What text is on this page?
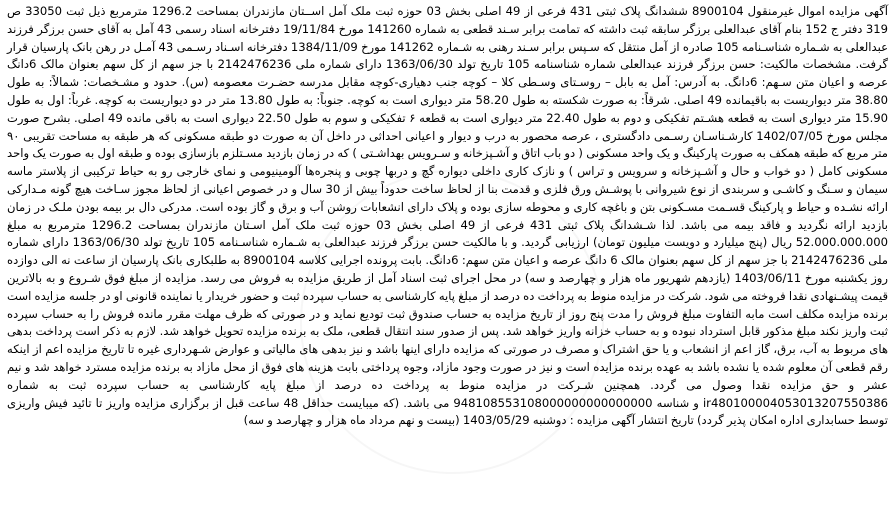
آگهی مزایده اموال غیرمنقول 8900104 ششدانگ پلاک ثبتی 431 فرعی از 49 اصلی بخش 03 حوزه ثبت ملک آمل اســتان مازندران بمساحت 1296.2 مترمربع ذیل ثبت 33050 ص 319 دفتر ج 152 بنام آقای عبدالعلی برزگر سابقه ثبت داشته که تمامت برابر سـند قطعی به شماره 141260 مورخ 19/11/84 دفترخانه اسناد رسمی 43 آمل به آقای حسن برزگر فرزند عبدالعلی به شـماره شناسـنامه 105 صادره از آمل منتقل که سـپس برابر سـند رهنی به شـماره 141262 مورخ 1384/11/09 دفترخانه اسـناد رسـمی 43 آمـل در رهن بانک پارسیان قرار گرفت. مشخصات مالکیت: حسن برزگر فرزند عبدالعلی شماره شناسنامه 105 تاریخ تولد 1363/06/30 دارای شماره ملی 2142476236 با جز سهم از کل سهم بعنوان مالک 6دانگ عرصه و اعیان متن سـهم: 6دانگ. به آدرس: آمل به بابل – روسـتای وسـطی کلا – کوچه جنب دهیاری-کوچه مقابل مدرسه حضـرت معصومه (س). حدود و مشـخصات: شمالاً: به طول 38.80 متر دیواریست به باقیمانده 49 اصلی. شرقاً: به صورت شکسته به طول 58.20 متر دیواری است به کوچه. جنوباً: به طول 13.80 متر در دو دیواریست به کوچه. غرباً: اول به طول 15.90 متر دیواری است به قطعه هشـتم تفکیکی و دوم به طول 22.40 متر دیواری است به قطعه ۶ تفکیکی و سوم به طول 22.50 دیواری است به باقی مانده 49 اصلی. بشرح صورت مجلس مورخ 1402/07/05 کارشـناسـان رسـمی دادگستری ، عرصه محصور به درب و دیوار و اعیانی احداثی در داخل آن به صورت دو طبقه مسکونی که هر طبقه به مساحت تقریبی ۹۰ متر مربع که طبقه همکف به صورت پارکینگ و یک واحد مسکونی ( دو باب اتاق و آشـپزخانه و سـرویس بهداشـتی ) که در زمان بازدید مسـتلزم بازسازی بوده و طبقه اول به صورت یک واحد مسکونی کامل ( دو خواب و حال و آشـپزخانه و سرویس و تراس ) و نازک کاری داخلی دیواره گچ و دربها چوبی و پنجره‌ها آلومینیومی و نمای خارجی رو به حیاط ترکیبی از پلاستر ماسه سیمان و سـنگ و کاشـی و سربندی از نوع شیروانی با پوشـش ورق فلزی و قدمت بنا از لحاظ ساخت حدوداً بیش از 30 سال و در خصوص اعیانی از لحاظ مجوز سـاخت هیچ گونه مـدارکی ارائه نشـده و حیاط و پارکینگ قسـمت مسـکونی بتن و باغچه کاری و محوطه سازی بوده و پلاک دارای انشعابات روشن آب و برق و گاز بوده است. مدرکی دال بر بیمه بودن ملـک در زمان بازدید ارائه نگردید و فاقد بیمه می باشد. لذا شـشدانگ پلاک ثبتی 431 فرعی از 49 اصلی بخش 03 حوزه ثبت ملک آمل اسـتان مازندران بمساحت 1296.2 مترمربع به مبلغ 52.000.000.000 ریال (پنج میلیارد و دویست میلیون تومان) ارزیابی گردید. و با مالکیت حسن برزگر فرزند عبدالعلی به شـماره شناسـنامه 105 تاریخ تولد 1363/06/30 دارای شماره ملی 2142476236 با جز سهم از کل سهم بعنوان مالک 6 دانگ عرصه و اعیان متن سهم: 6دانگ. بابت پرونده اجرایی کلاسه 8900104 به طلبکاری بانک پارسیان از ساعت نه الی دوازده روز یکشنبه مورخ 1403/06/11 (یازدهم شهریور ماه هزار و چهارصد و سه) در محل اجرای ثبت اسناد آمل از طریق مزایده به فروش می رسد. مزایده از مبلغ فوق شـروع و به بالاترین قیمت پیشـنهادی نقدا فروخته می شود. شرکت در مزایده منوط به پرداخت ده درصد از مبلغ پایه کارشناسی به حساب سپرده ثبت و حضور خریدار یا نماینده قانونی او در جلسه مزایده است برنده مزایده مکلف است مابه التفاوت مبلغ فروش را مدت پنج روز از تاریخ مزایده به حساب صندوق ثبت تودیع نماید و در صورتی که ظرف مهلت مقرر مانده فروش را به حساب سپرده ثبت واریز نکند مبلغ مذکور قابل استرداد نبوده و به حساب خزانه واریز خواهد شد. پس از صدور سند انتقال قطعی، ملک به برنده مزایده تحویل خواهد شد. لازم به ذکر است پرداخت بدهی های مربوط به آب، برق، گاز اعم از انشعاب و یا حق اشتراک و مصرف در صورتی که مزایده دارای اینها باشد و نیز بدهی های مالیاتی و عوارض شـهرداری غیره تا تاریخ مزایده اعم از اینکه رقم قطعی آن معلوم شده یا نشده باشد به عهده برنده مزایده است و نیز در صورت وجود مازاد، وجوه پرداختی بابت هزینه های فوق از محل مازاد به برنده مزایده مسترد خواهد شد و نیم عشر و حق مزایده نقدا وصول می گردد. همچنین شـرکت در مزایده منوط به پرداخت ده درصد از مبلغ پایه کارشناسی به حساب سپرده ثبت به شماره ir480100004053013207550386 و شناسه 948108553108000000000000000 می باشد. (که میبایست حداقل 48 ساعت قبل از برگزاری مزایده واریز تا تائید فیش واریزی توسط حسابداری اداره امکان پذیر گردد) تاریخ انتشار آگهی مزایده : دوشنبه 1403/05/29 (بیست و نهم مرداد ماه هزار و چهارصد و سه)
